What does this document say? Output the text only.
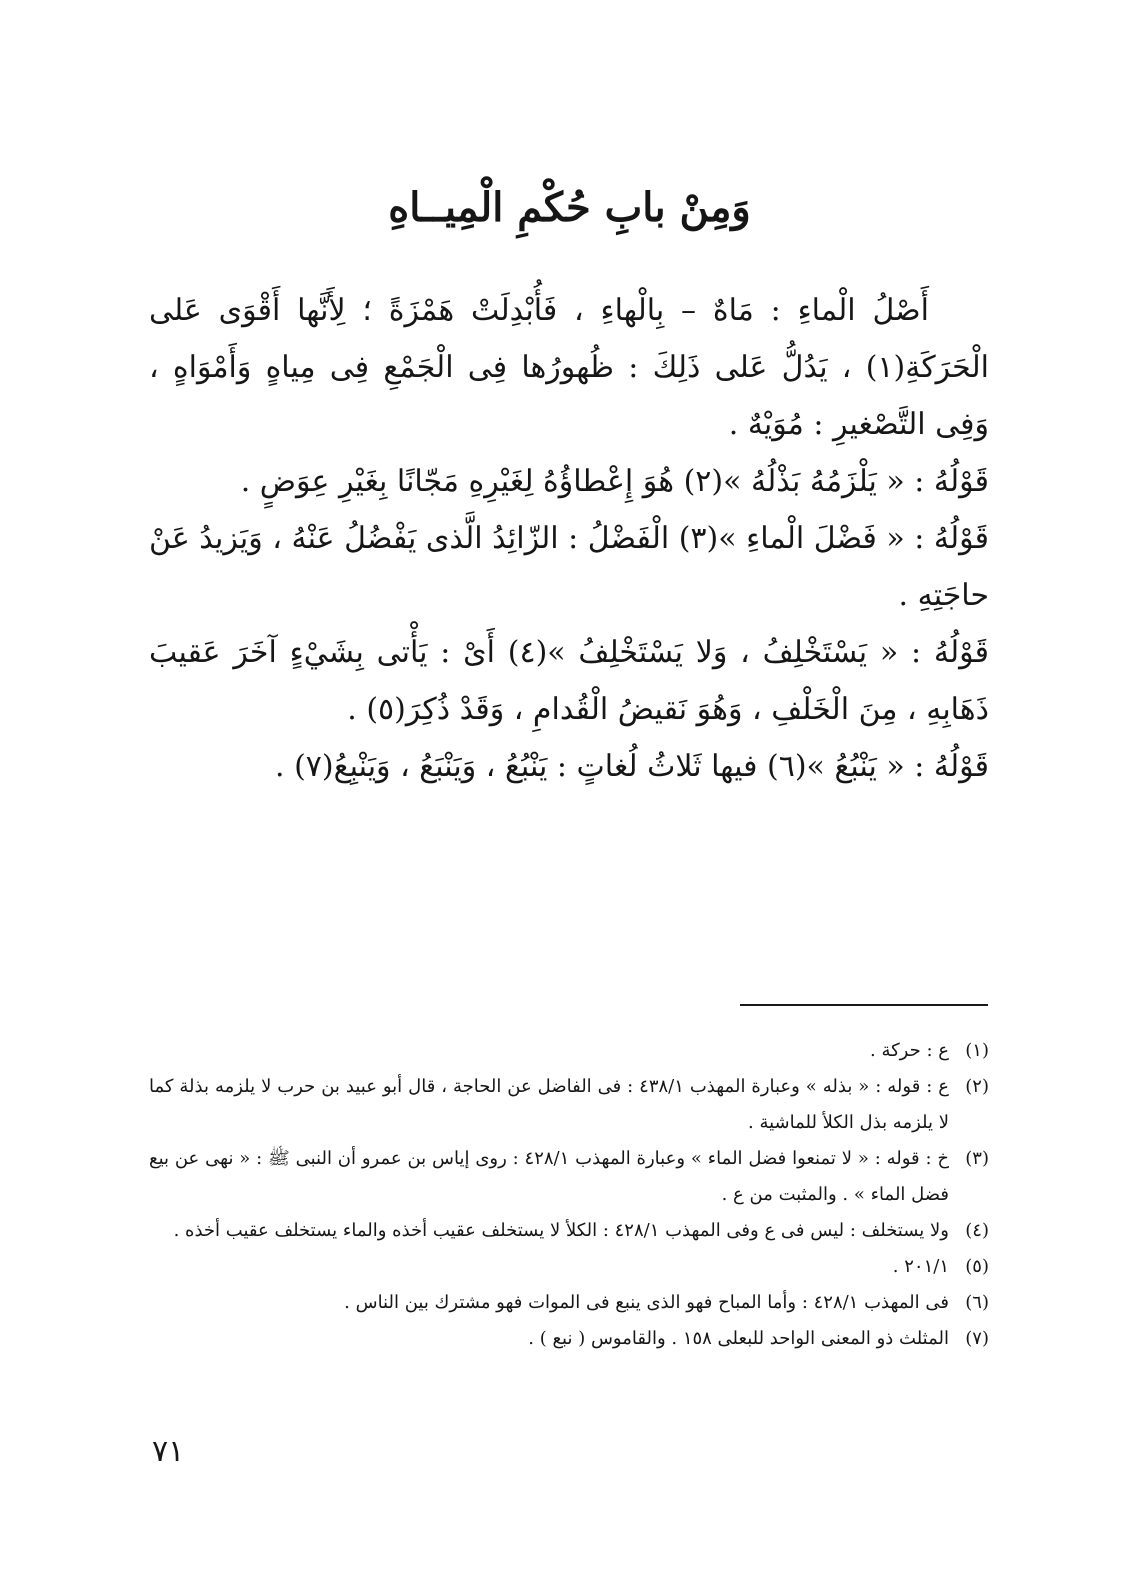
وَمِنْ بابِ حُكْمِ الْمِيــاهِ

أَصْلُ الْماءِ : مَاهٌ – بِالْهاءِ ، فَأُبْدِلَتْ هَمْزَةً ؛ لِأَنَّها أَقْوَى عَلى الْحَرَكَةِ(١) ، يَدُلُّ عَلى ذَلِكَ : ظُهورُها فِى الْجَمْعِ فِى مِياهٍ وَأَمْوَاهٍ ، وَفِى التَّصْغيرِ : مُوَيْهٌ .

قَوْلُهُ : « يَلْزَمُهُ بَذْلُهُ »(٢) هُوَ إِعْطاؤُهُ لِغَيْرِهِ مَجّانًا بِغَيْرِ عِوَضٍ .

قَوْلُهُ : « فَضْلَ الْماءِ »(٣) الْفَضْلُ : الزّائِدُ الَّذى يَفْضُلُ عَنْهُ ، وَيَزيدُ عَنْ حاجَتِهِ .

قَوْلُهُ : « يَسْتَخْلِفُ ، وَلا يَسْتَخْلِفُ »(٤) أَىْ : يَأْتى بِشَيْءٍ آخَرَ عَقيبَ ذَهَابِهِ ، مِنَ الْخَلْفِ ، وَهُوَ نَقيضُ الْقُدامِ ، وَقَدْ ذُكِرَ(٥) .

قَوْلُهُ : « يَنْبُعُ »(٦) فيها ثَلاثُ لُغاتٍ : يَنْبُعُ ، وَيَنْبَعُ ، وَيَنْبِعُ(٧) .

(١)
ع : حركة .
(٢)
ع : قوله : « بذله » وعبارة المهذب ٤٣٨/١ : فى الفاضل عن الحاجة ، قال أبو عبيد بن حرب لا يلزمه بذلة كما لا يلزمه بذل الكلأ للماشية .
(٣)
خ : قوله : « لا تمنعوا فضل الماء » وعبارة المهذب ٤٢٨/١ : روى إياس بن عمرو أن النبى ﷺ : « نهى عن بيع فضل الماء » . والمثبت من ع .
(٤)
ولا يستخلف : ليس فى ع وفى المهذب ٤٢٨/١ : الكلأ لا يستخلف عقيب أخذه والماء يستخلف عقيب أخذه .
(٥)
٢٠١/١ .
(٦)
فى المهذب ٤٢٨/١ : وأما المباح فهو الذى ينبع فى الموات فهو مشترك بين الناس .
(٧)
المثلث ذو المعنى الواحد للبعلى ١٥٨ . والقاموس ( نبع ) .
٧١
